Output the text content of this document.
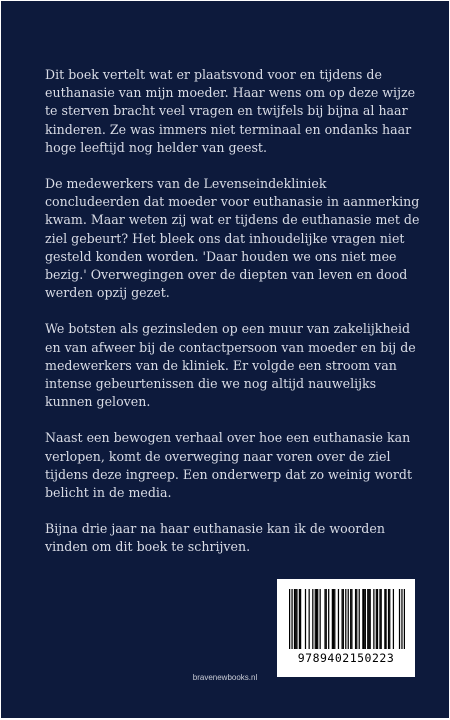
Dit boek vertelt wat er plaatsvond voor en tijdens de euthanasie van mijn moeder. Haar wens om op deze wijze te sterven bracht veel vragen en twijfels bij bijna al haar kinderen. Ze was immers niet terminaal en ondanks haar hoge leeftijd nog helder van geest.

De medewerkers van de Levenseindekliniek concludeerden dat moeder voor euthanasie in aanmerking kwam. Maar weten zij wat er tijdens de euthanasie met de ziel gebeurt? Het bleek ons dat inhoudelijke vragen niet gesteld konden worden. 'Daar houden we ons niet mee bezig.' Overwegingen over de diepten van leven en dood werden opzij gezet.

We botsten als gezinsleden op een muur van zakelijkheid en van afweer bij de contactpersoon van moeder en bij de medewerkers van de kliniek. Er volgde een stroom van intense gebeurtenissen die we nog altijd nauwelijks kunnen geloven.

Naast een bewogen verhaal over hoe een euthanasie kan verlopen, komt de overweging naar voren over de ziel tijdens deze ingreep. Een onderwerp dat zo weinig wordt belicht in de media.

Bijna drie jaar na haar euthanasie kan ik de woorden vinden om dit boek te schrijven.

9789402150223
bravenewbooks.nl
